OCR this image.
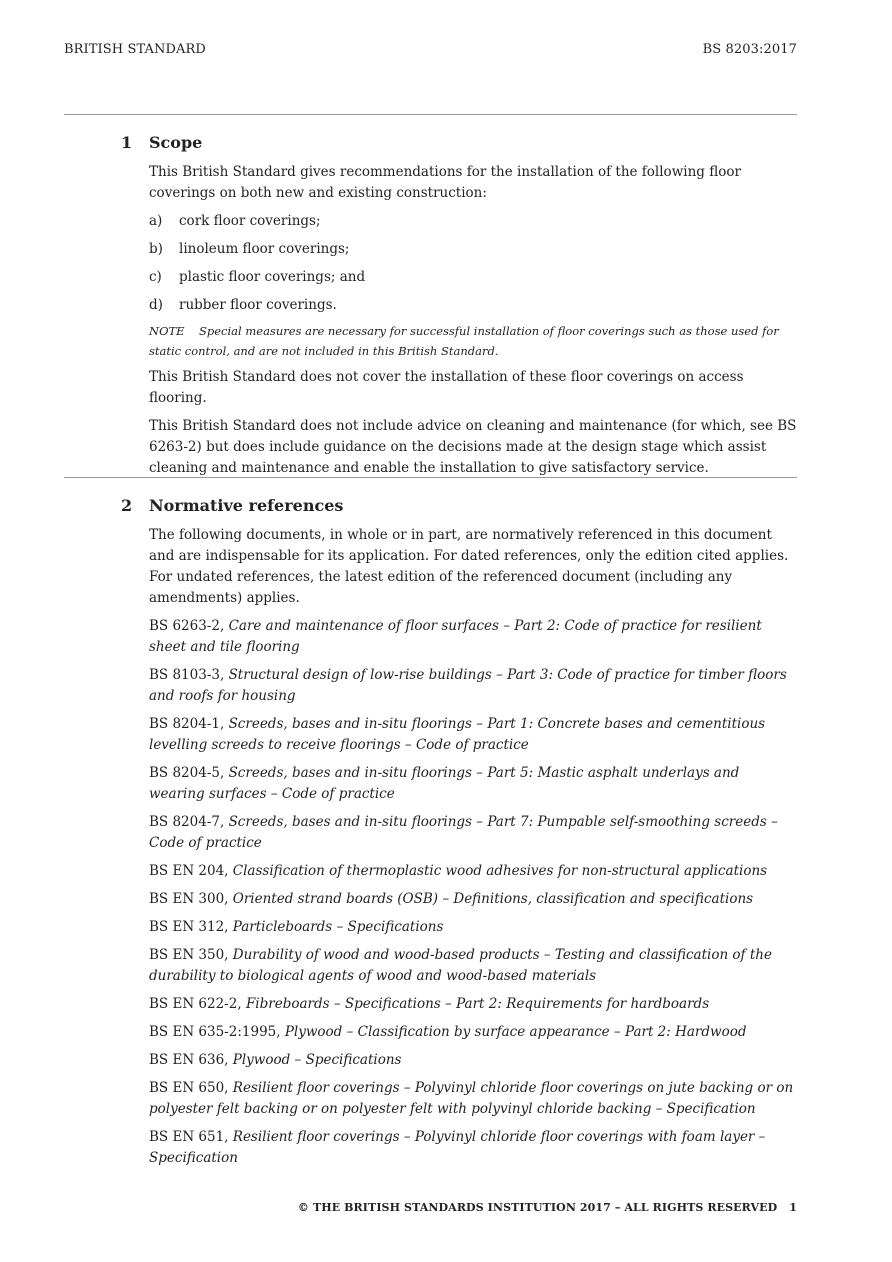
BRITISH STANDARD	BS 8203:2017
1 Scope

This British Standard gives recommendations for the installation of the following floor coverings on both new and existing construction:

a)	cork floor coverings;

b)	linoleum floor coverings;

c)	plastic floor coverings; and

d)	rubber floor coverings.

NOTE Special measures are necessary for successful installation of floor coverings such as those used for static control, and are not included in this British Standard.

This British Standard does not cover the installation of these floor coverings on access flooring.

This British Standard does not include advice on cleaning and maintenance (for which, see BS 6263-2) but does include guidance on the decisions made at the design stage which assist cleaning and maintenance and enable the installation to give satisfactory service.

2 Normative references

The following documents, in whole or in part, are normatively referenced in this document and are indispensable for its application. For dated references, only the edition cited applies. For undated references, the latest edition of the referenced document (including any amendments) applies.

BS 6263-2, Care and maintenance of floor surfaces – Part 2: Code of practice for resilient sheet and tile flooring

BS 8103-3, Structural design of low-rise buildings – Part 3: Code of practice for timber floors and roofs for housing

BS 8204-1, Screeds, bases and in-situ floorings – Part 1: Concrete bases and cementitious levelling screeds to receive floorings – Code of practice

BS 8204-5, Screeds, bases and in-situ floorings – Part 5: Mastic asphalt underlays and wearing surfaces – Code of practice

BS 8204-7, Screeds, bases and in-situ floorings – Part 7: Pumpable self-smoothing screeds – Code of practice

BS EN 204, Classification of thermoplastic wood adhesives for non-structural applications

BS EN 300, Oriented strand boards (OSB) – Definitions, classification and specifications

BS EN 312, Particleboards – Specifications

BS EN 350, Durability of wood and wood-based products – Testing and classification of the durability to biological agents of wood and wood-based materials

BS EN 622-2, Fibreboards – Specifications – Part 2: Requirements for hardboards

BS EN 635-2:1995, Plywood – Classification by surface appearance – Part 2: Hardwood

BS EN 636, Plywood – Specifications

BS EN 650, Resilient floor coverings – Polyvinyl chloride floor coverings on jute backing or on polyester felt backing or on polyester felt with polyvinyl chloride backing – Specification

BS EN 651, Resilient floor coverings – Polyvinyl chloride floor coverings with foam layer – Specification

© THE BRITISH STANDARDS INSTITUTION 2017 – ALL RIGHTS RESERVED 1
